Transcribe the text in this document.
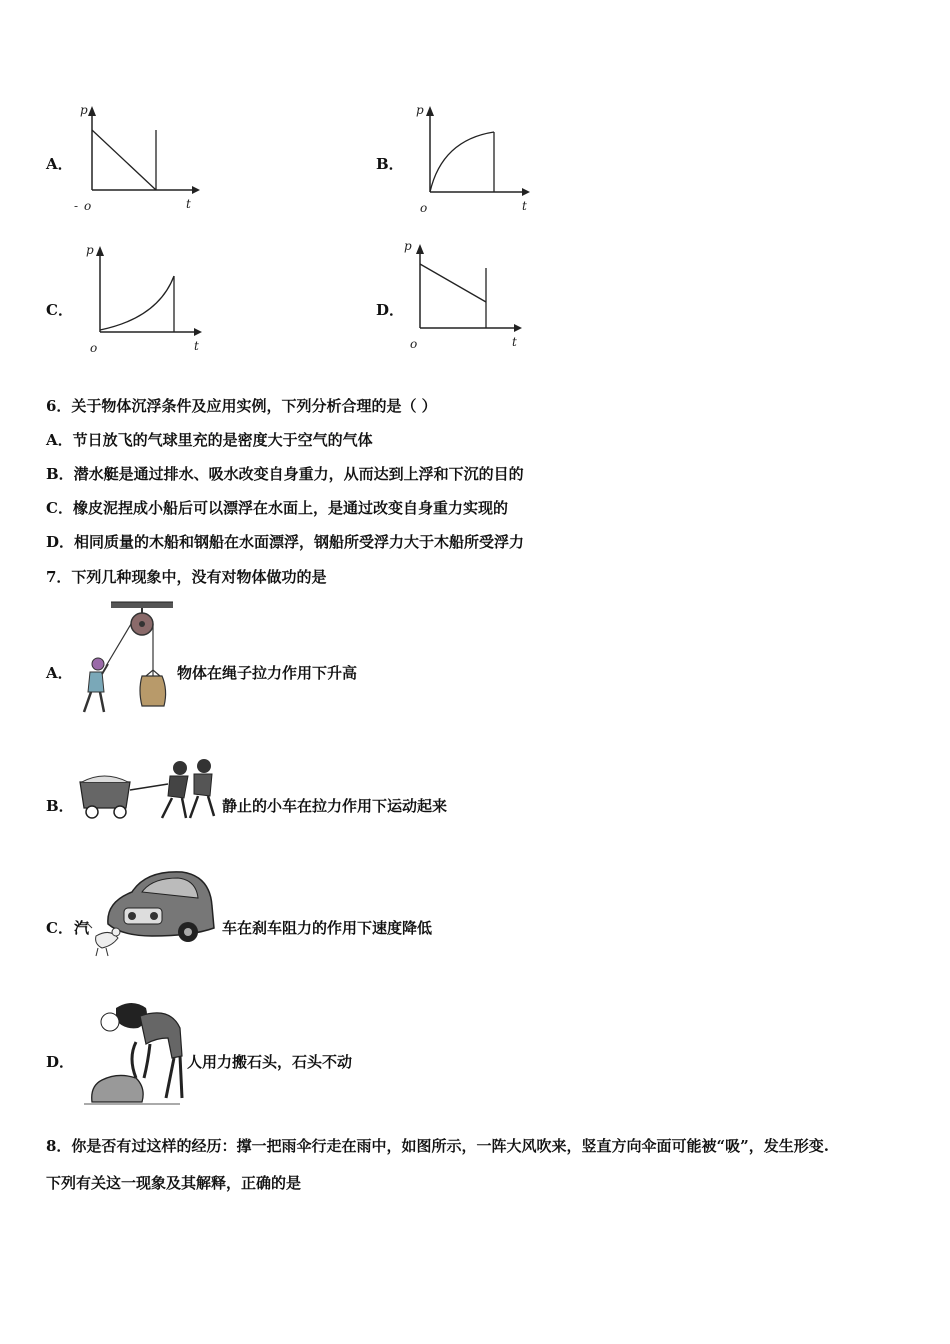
A．
p
t
- o
B．
p
t
o
C．
p
t
o
D．
p
t
o
6．关于物体沉浮条件及应用实例，下列分析合理的是（ ）
A．节日放飞的气球里充的是密度大于空气的气体
B．潜水艇是通过排水、吸水改变自身重力，从而达到上浮和下沉的目的
C．橡皮泥捏成小船后可以漂浮在水面上，是通过改变自身重力实现的
D．相同质量的木船和钢船在水面漂浮，钢船所受浮力大于木船所受浮力
7．下列几种现象中，没有对物体做功的是
A．	物体在绳子拉力作用下升高
B．	静止的小车在拉力作用下运动起来
C． 汽	车在刹车阻力的作用下速度降低
D．	人用力搬石头，石头不动
8．你是否有过这样的经历：撑一把雨伞行走在雨中，如图所示，一阵大风吹来，竖直方向伞面可能被“吸”，发生形变.
下列有关这一现象及其解释，正确的是
